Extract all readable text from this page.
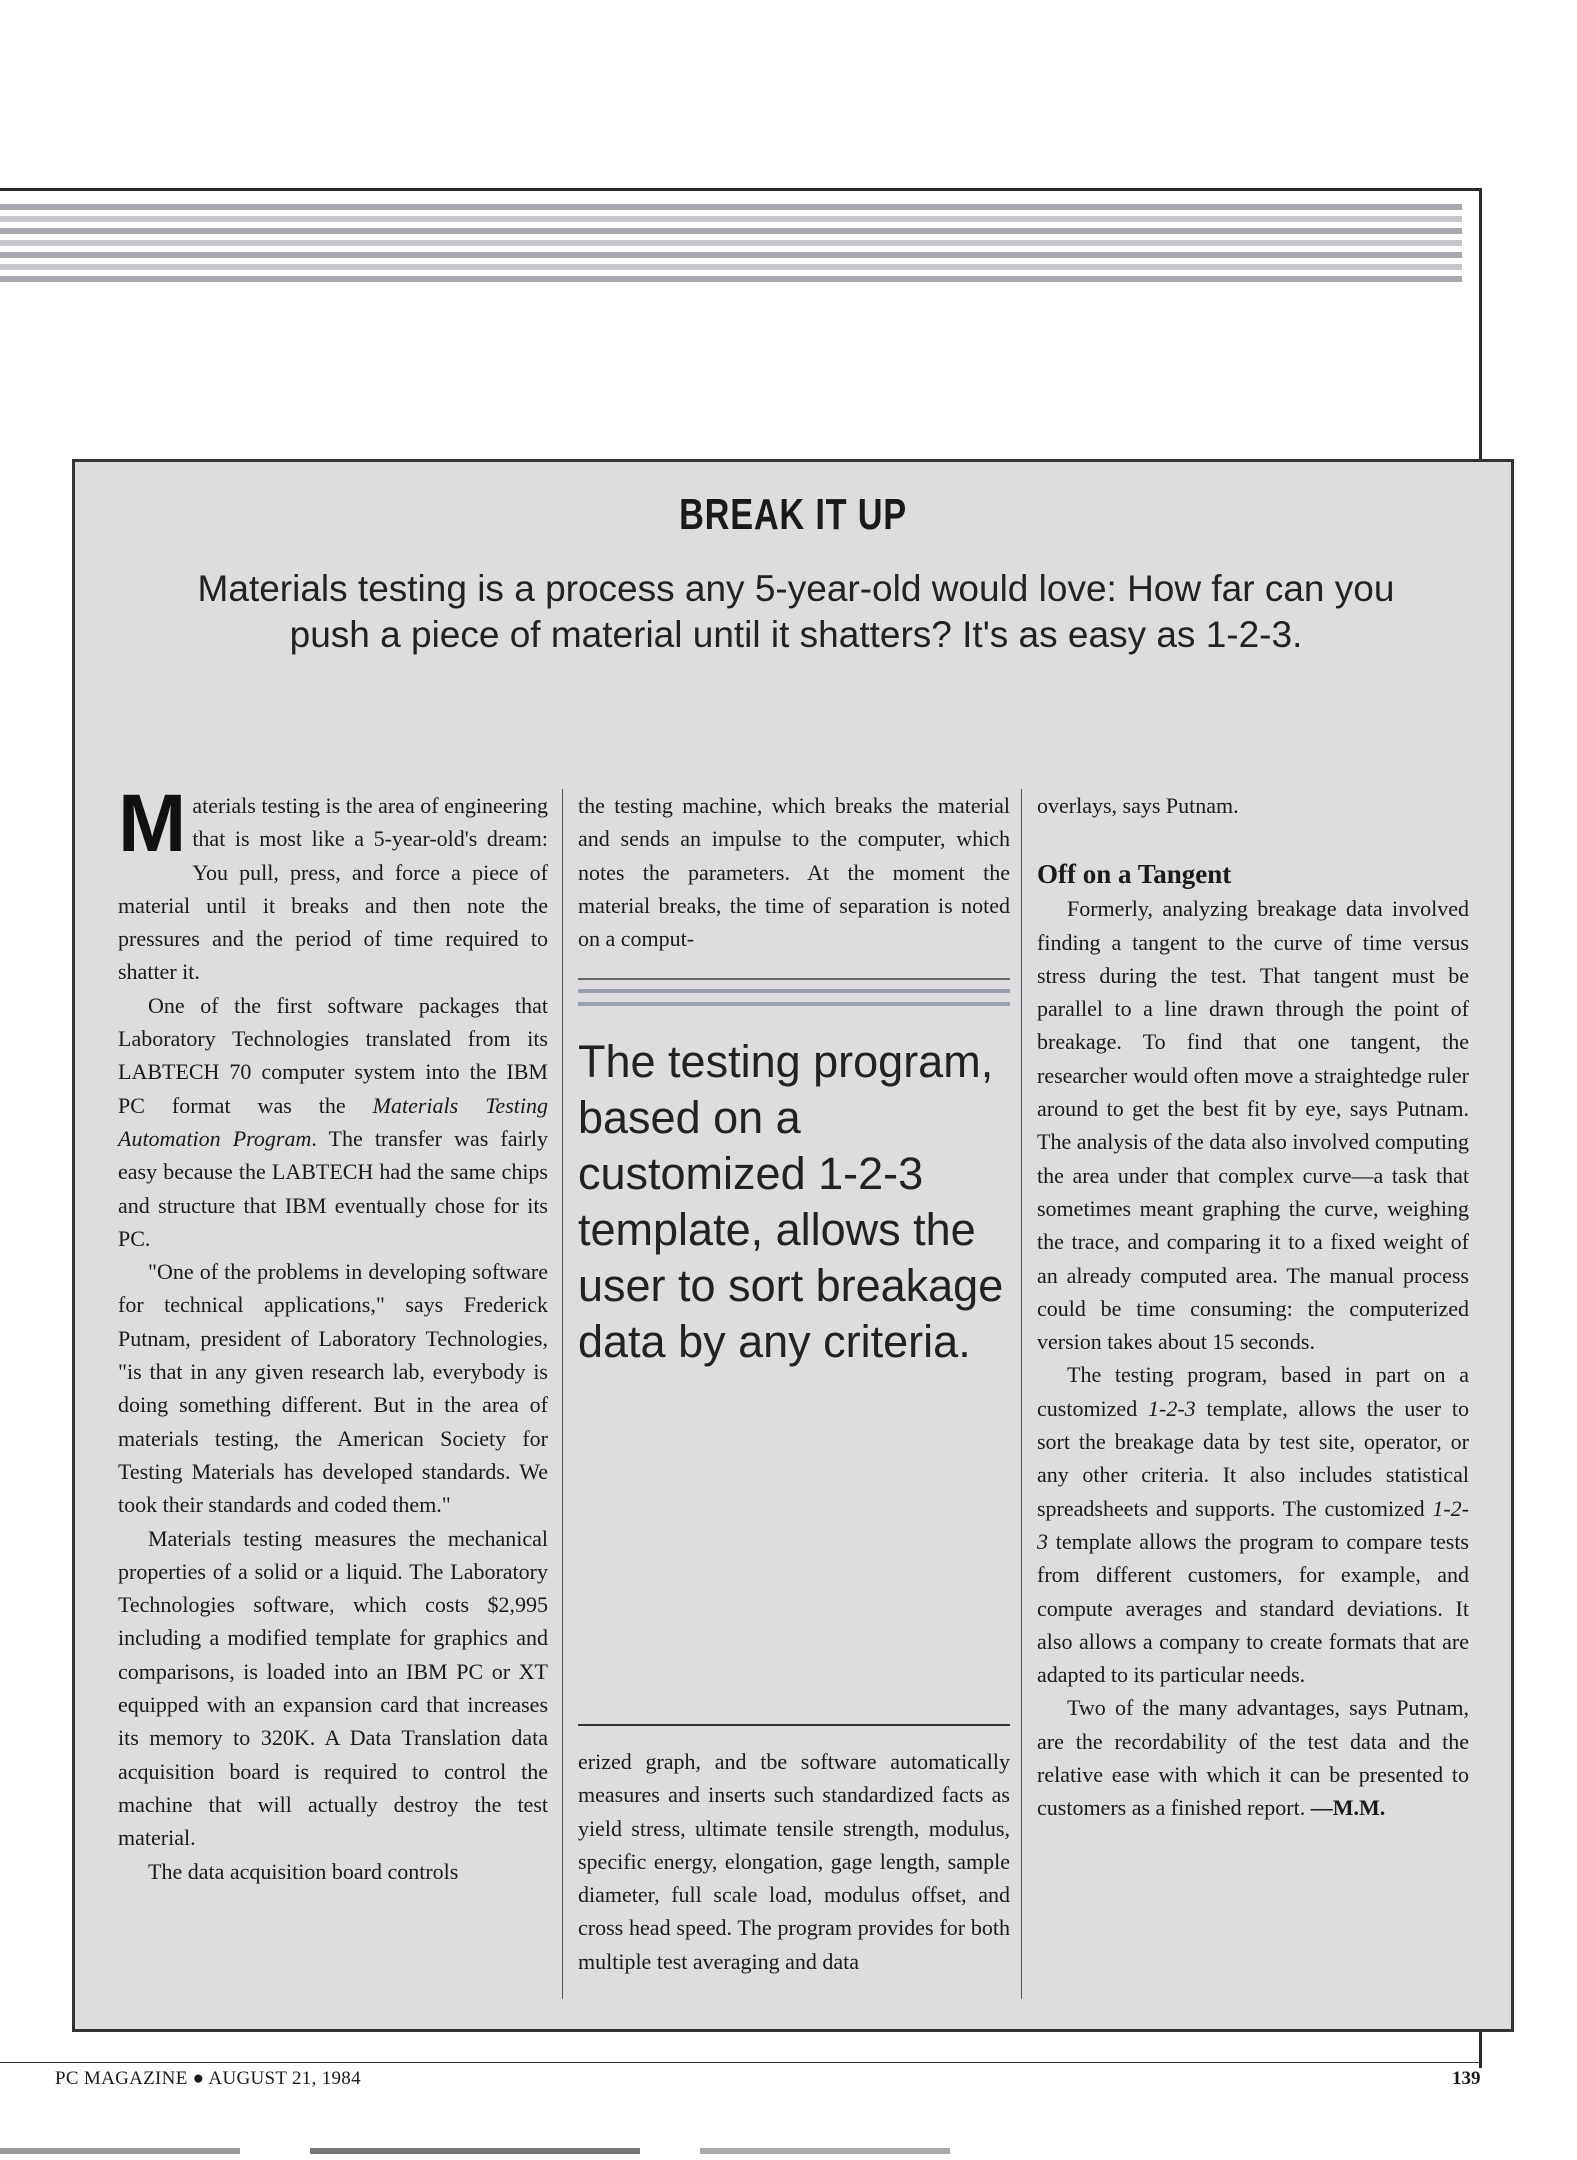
BREAK IT UP
Materials testing is a process any 5-year-old would love: How far can you push a piece of material until it shatters? It's as easy as 1-2-3.

Materials testing is the area of engineering that is most like a 5-year-old's dream: You pull, press, and force a piece of material until it breaks and then note the pressures and the period of time required to shatter it.

One of the first software packages that Laboratory Technologies translated from its LABTECH 70 computer system into the IBM PC format was the Materials Testing Automation Program. The transfer was fairly easy because the LABTECH had the same chips and structure that IBM eventually chose for its PC.

"One of the problems in developing software for technical applications," says Frederick Putnam, president of Laboratory Technologies, "is that in any given research lab, everybody is doing something different. But in the area of materials testing, the American Society for Testing Materials has developed standards. We took their standards and coded them."

Materials testing measures the mechanical properties of a solid or a liquid. The Laboratory Technologies software, which costs $2,995 including a modified template for graphics and comparisons, is loaded into an IBM PC or XT equipped with an expansion card that increases its memory to 320K. A Data Translation data acquisition board is required to control the machine that will actually destroy the test material.

The data acquisition board controls

the testing machine, which breaks the material and sends an impulse to the computer, which notes the parameters. At the moment the material breaks, the time of separation is noted on a comput-

The testing program, based on a customized 1-2-3 template, allows the user to sort breakage data by any criteria.

erized graph, and tbe software automatically measures and inserts such standardized facts as yield stress, ultimate tensile strength, modulus, specific energy, elongation, gage length, sample diameter, full scale load, modulus offset, and cross head speed. The program provides for both multiple test averaging and data

overlays, says Putnam.

Off on a Tangent

Formerly, analyzing breakage data involved finding a tangent to the curve of time versus stress during the test. That tangent must be parallel to a line drawn through the point of breakage. To find that one tangent, the researcher would often move a straightedge ruler around to get the best fit by eye, says Putnam. The analysis of the data also involved computing the area under that complex curve—a task that sometimes meant graphing the curve, weighing the trace, and comparing it to a fixed weight of an already computed area. The manual process could be time consuming: the computerized version takes about 15 seconds.

The testing program, based in part on a customized 1-2-3 template, allows the user to sort the breakage data by test site, operator, or any other criteria. It also includes statistical spreadsheets and supports. The customized 1-2-3 template allows the program to compare tests from different customers, for example, and compute averages and standard deviations. It also allows a company to create formats that are adapted to its particular needs.

Two of the many advantages, says Putnam, are the recordability of the test data and the relative ease with which it can be presented to customers as a finished report. —M.M.

PC MAGAZINE ● AUGUST 21, 1984	139
